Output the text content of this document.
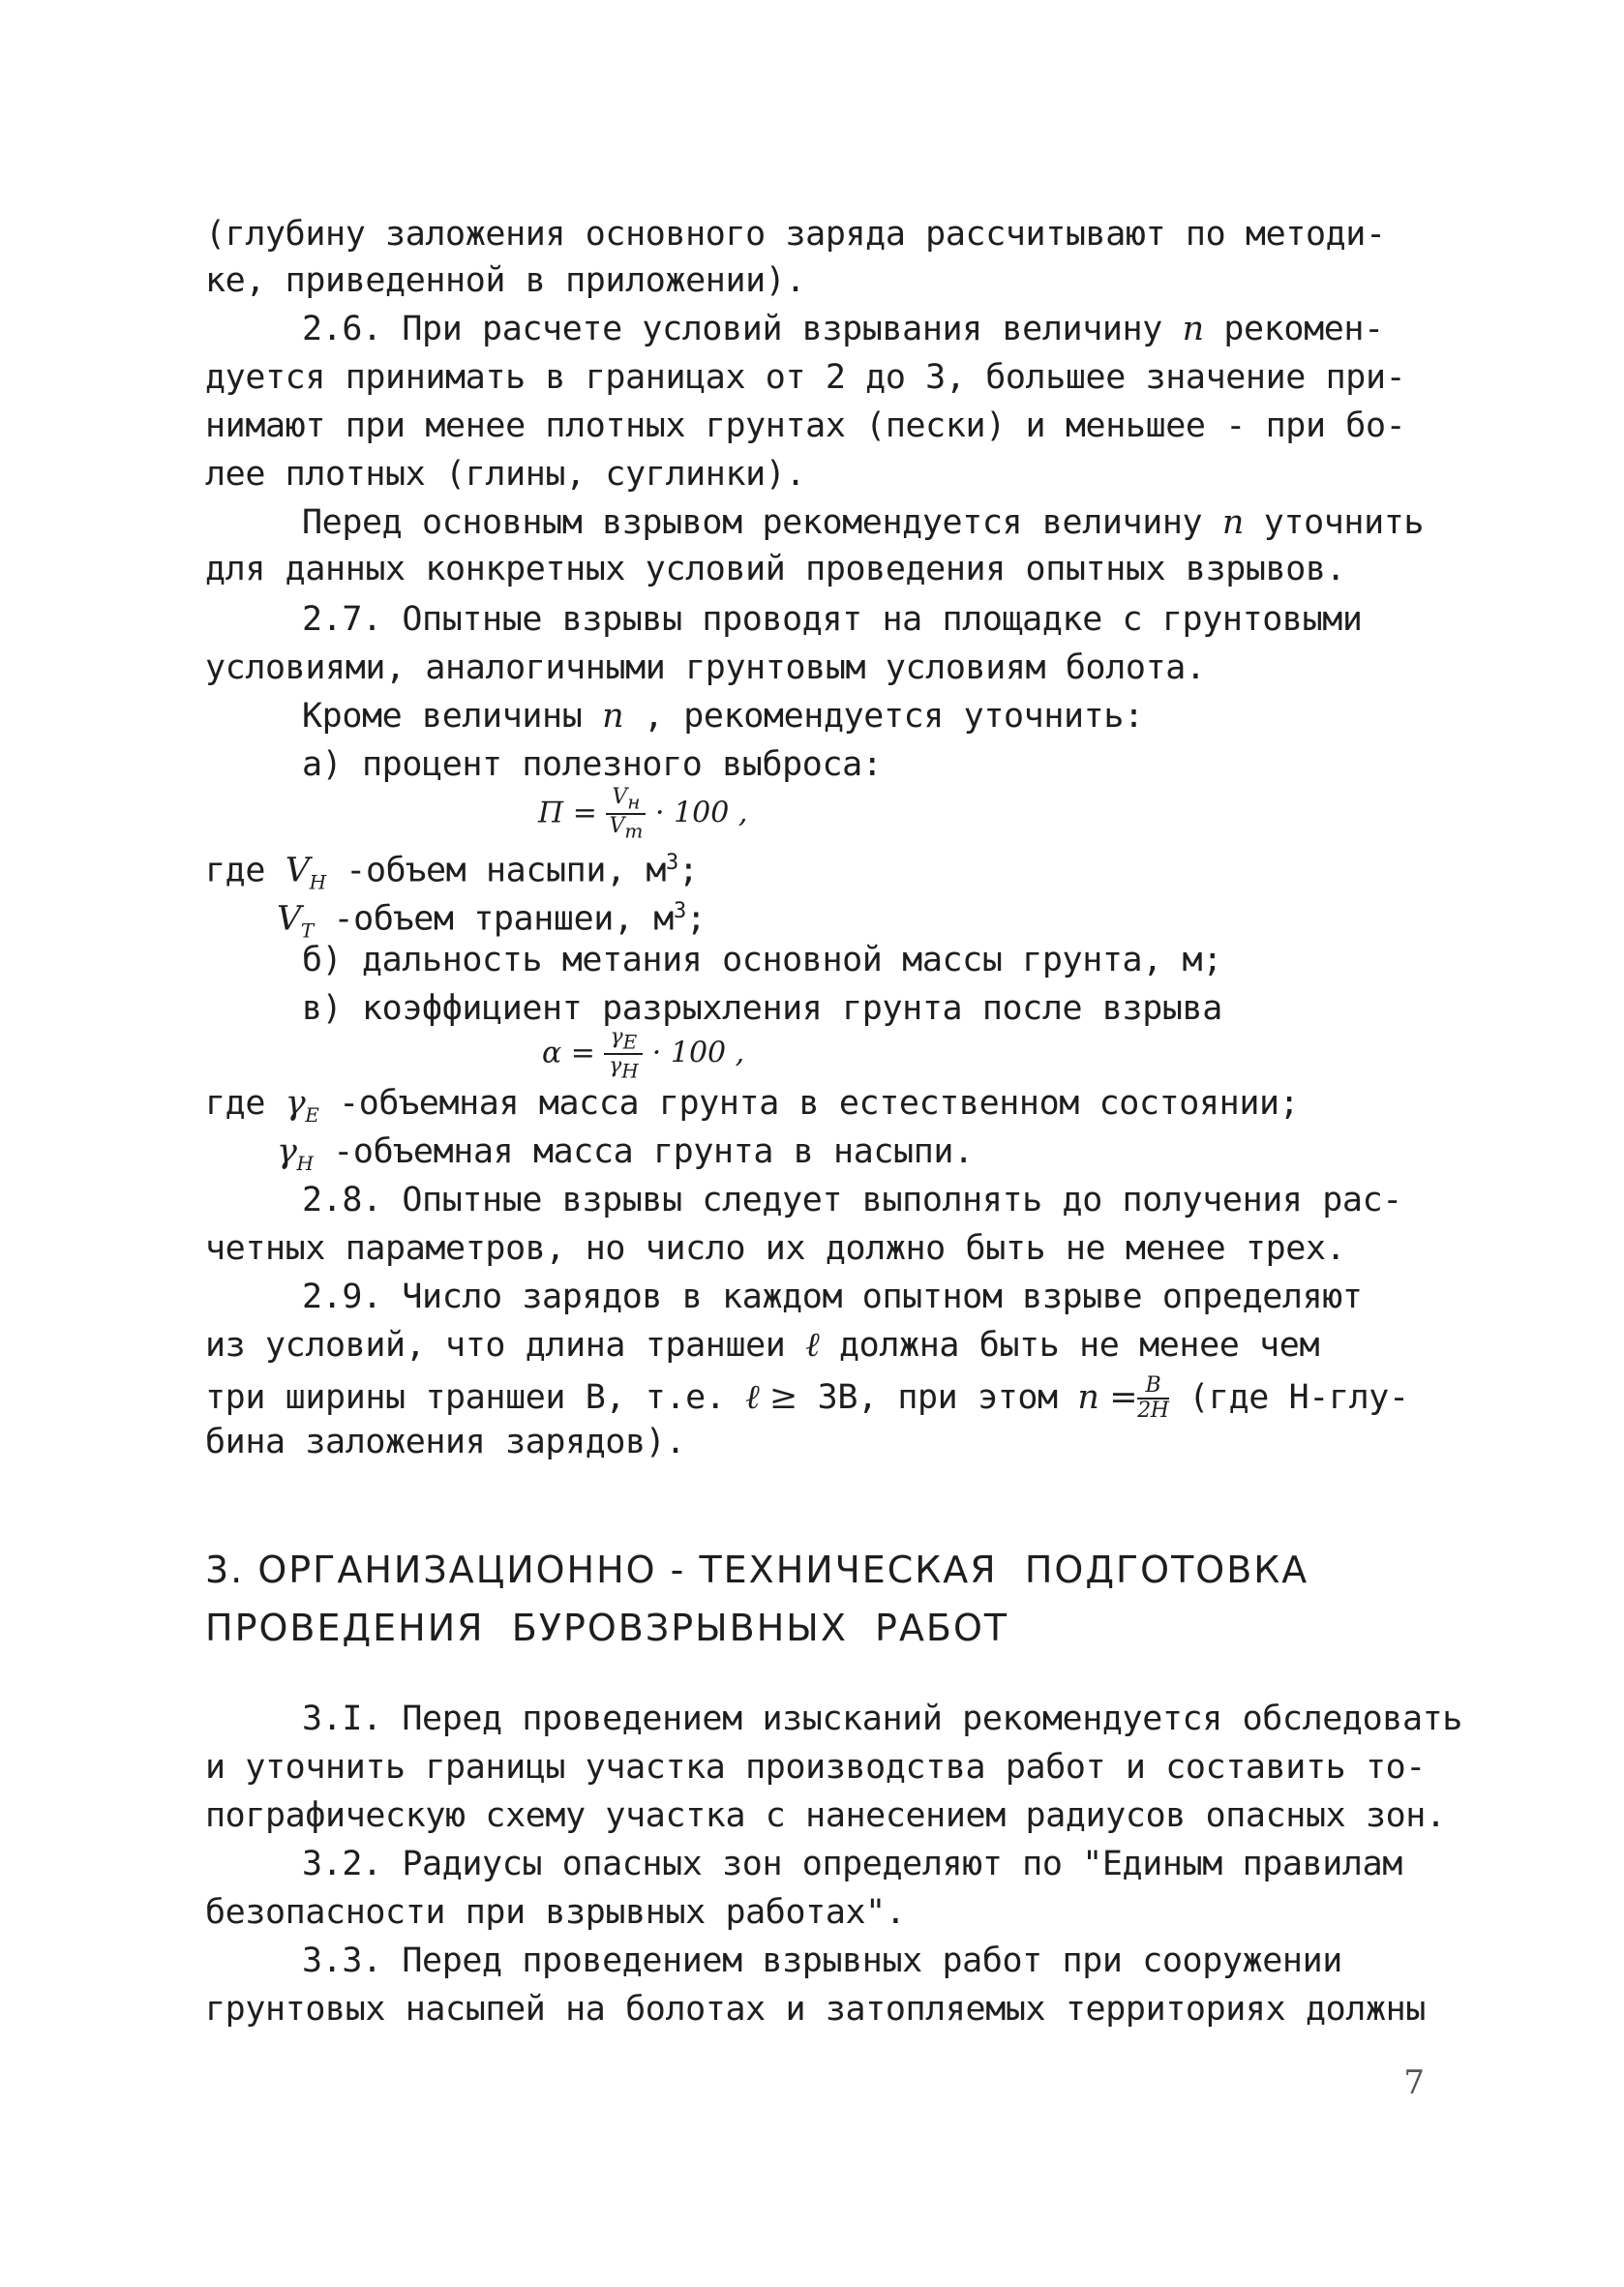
(глубину заложения основного заряда рассчитывают по методи-
ке, приведенной в приложении).
2.6. При расчете условий взрывания величину n рекомен-
дуется принимать в границах от 2 до 3, большее значение при-
нимают при менее плотных грунтах (пески) и меньшее - при бо-
лее плотных (глины, суглинки).
Перед основным взрывом рекомендуется величину n уточнить
для данных конкретных условий проведения опытных взрывов.
2.7. Опытные взрывы проводят на площадке с грунтовыми
условиями, аналогичными грунтовым условиям болота.
Кроме величины n , рекомендуется уточнить:
а) процент полезного выброса:
$П = \frac{V_н}{V_т} \cdot 100$ ,
где $V_H$ -объем насыпи, $м^3$;
$V_T$ -объем траншеи, $м^3$;
б) дальность метания основной массы грунта, м;
в) коэффициент разрыхления грунта после взрыва
$\alpha = \frac{\gamma_E}{\gamma_H} \cdot 100$ ,
где $\gamma_E$ -объемная масса грунта в естественном состоянии;
$\gamma_H$ -объемная масса грунта в насыпи.
2.8. Опытные взрывы следует выполнять до получения рас-
четных параметров, но число их должно быть не менее трех.
2.9. Число зарядов в каждом опытном взрыве определяют
из условий, что длина траншеи ℓ должна быть не менее чем
три ширины траншеи В, т.е. ℓ ≥ 3В, при этом $n = \frac{B}{2H} (где$ Н-глу-
бина заложения зарядов).
3. ОРГАНИЗАЦИОННО - ТЕХНИЧЕСКАЯ  ПОДГОТОВКА
ПРОВЕДЕНИЯ  БУРОВЗРЫВНЫХ  РАБОТ
3.I. Перед проведением изысканий рекомендуется обследовать
и уточнить границы участка производства работ и составить то-
пографическую схему участка с нанесением радиусов опасных зон.
3.2. Радиусы опасных зон определяют по "Единым правилам
безопасности при взрывных работах".
3.3. Перед проведением взрывных работ при сооружении
грунтовых насыпей на болотах и затопляемых территориях должны
7
